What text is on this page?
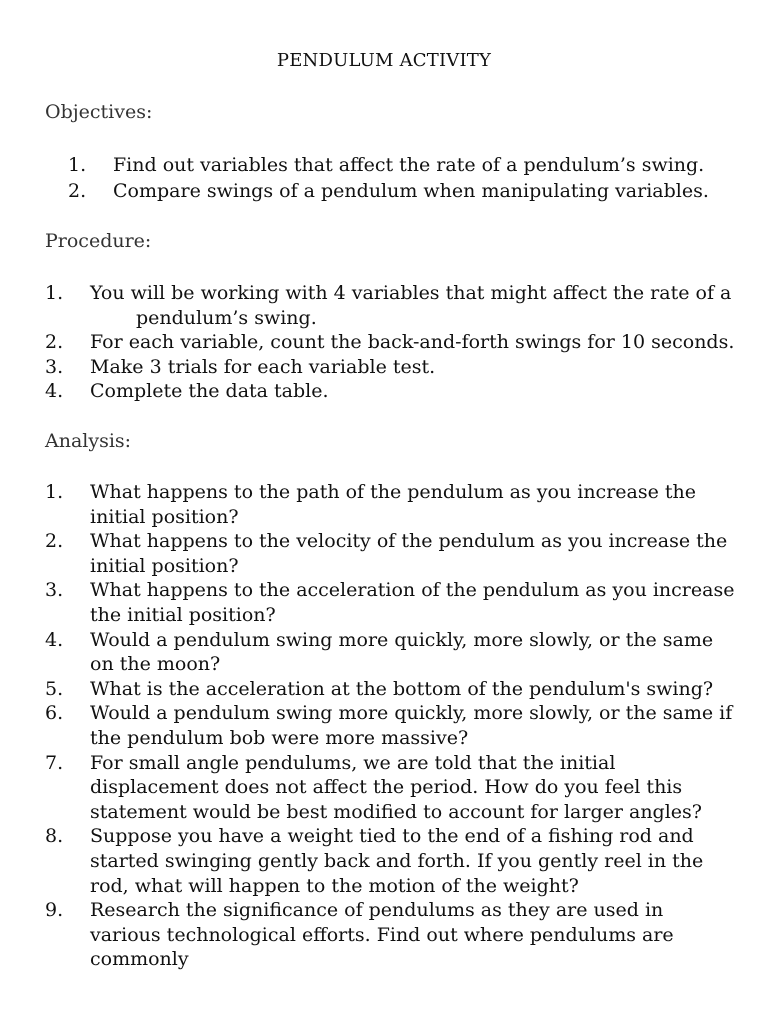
PENDULUM ACTIVITY
Objectives:
1. Find out variables that affect the rate of a pendulum’s swing.
2. Compare swings of a pendulum when manipulating variables.
Procedure:
1. You will be working with 4 variables that might affect the rate of a
pendulum’s swing.
2. For each variable, count the back-and-forth swings for 10 seconds.
3. Make 3 trials for each variable test.
4. Complete the data table.
Analysis:
1. What happens to the path of the pendulum as you increase the initial position?
2. What happens to the velocity of the pendulum as you increase the initial position?
3. What happens to the acceleration of the pendulum as you increase the initial position?
4. Would a pendulum swing more quickly, more slowly, or the same on the moon?
5. What is the acceleration at the bottom of the pendulum's swing?
6. Would a pendulum swing more quickly, more slowly, or the same if the pendulum bob were more massive?
7. For small angle pendulums, we are told that the initial displacement does not affect the period. How do you feel this statement would be best modified to account for larger angles?
8. Suppose you have a weight tied to the end of a fishing rod and started swinging gently back and forth. If you gently reel in the rod, what will happen to the motion of the weight?
9. Research the significance of pendulums as they are used in various technological efforts. Find out where pendulums are commonly
